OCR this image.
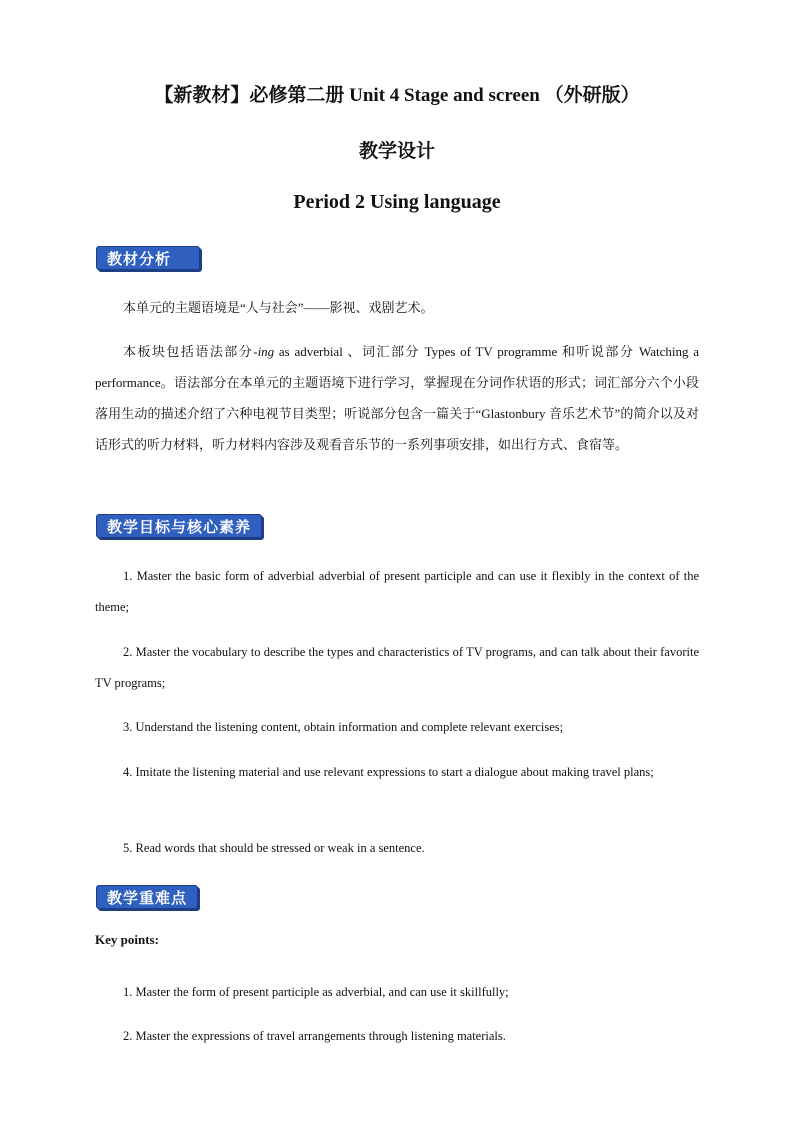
【新教材】必修第二册 Unit 4 Stage and screen （外研版）
教学设计
Period 2 Using language
教材分析
本单元的主题语境是“人与社会”——影视、戏剧艺术。
本板块包括语法部分-ing as adverbial 、词汇部分 Types of TV programme 和听说部分 Watching a performance。语法部分在本单元的主题语境下进行学习，掌握现在分词作状语的形式；词汇部分六个小段落用生动的描述介绍了六种电视节目类型；听说部分包含一篇关于“Glastonbury 音乐艺术节”的简介以及对话形式的听力材料，听力材料内容涉及观看音乐节的一系列事项安排，如出行方式、食宿等。
教学目标与核心素养
1. Master the basic form of adverbial adverbial of present participle and can use it flexibly in the context of the theme;
2. Master the vocabulary to describe the types and characteristics of TV programs, and can talk about their favorite TV programs;
3. Understand the listening content, obtain information and complete relevant exercises;
4. Imitate the listening material and use relevant expressions to start a dialogue about making travel plans;
5. Read words that should be stressed or weak in a sentence.
教学重难点
Key points:
1. Master the form of present participle as adverbial, and can use it skillfully;
2. Master the expressions of travel arrangements through listening materials.
